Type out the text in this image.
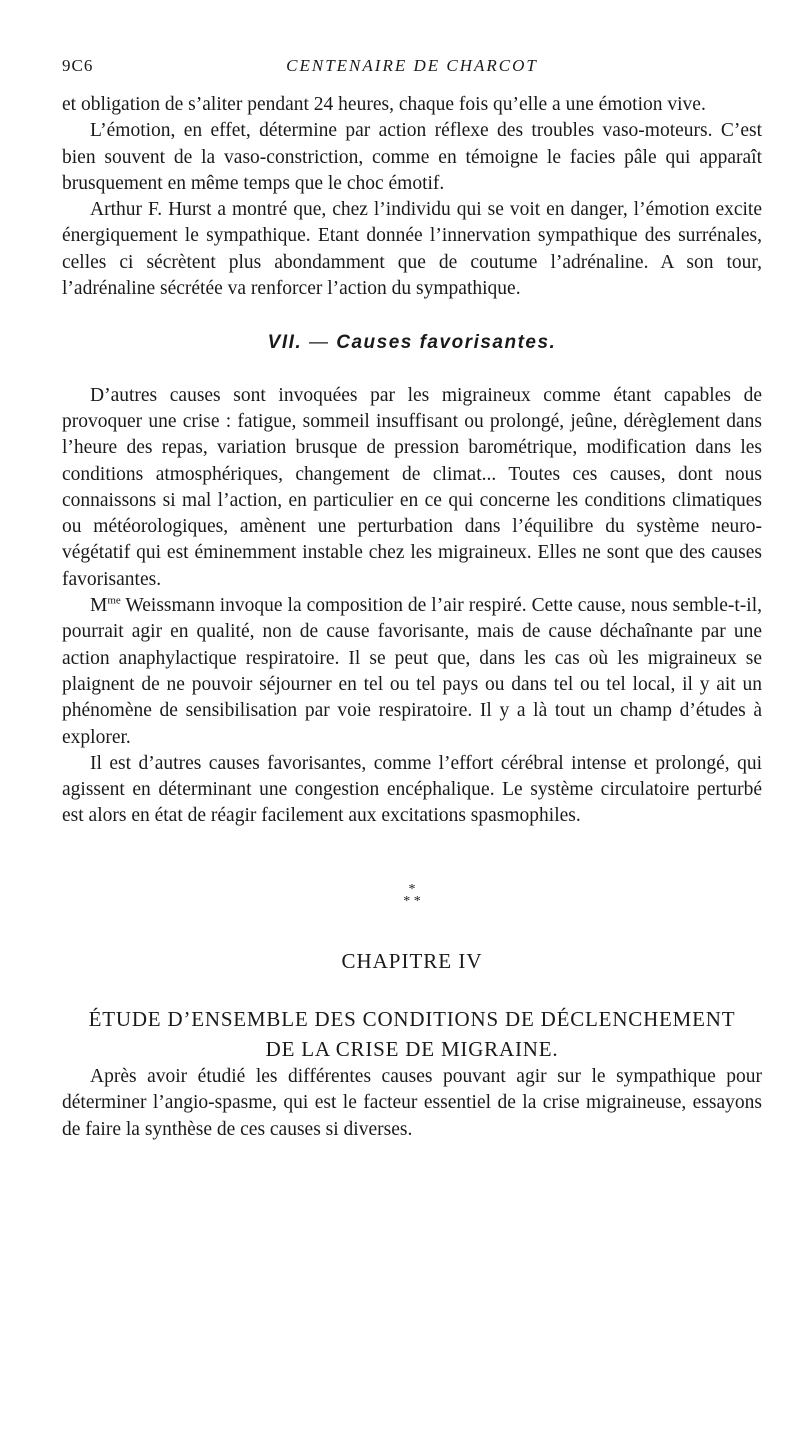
9C6	CENTENAIRE DE CHARCOT

et obligation de s’aliter pendant 24 heures, chaque fois qu’elle a une émotion vive.

L’émotion, en effet, détermine par action réflexe des troubles vaso-moteurs. C’est bien souvent de la vaso-constriction, comme en témoigne le facies pâle qui apparaît brusquement en même temps que le choc émotif.

Arthur F. Hurst a montré que, chez l’individu qui se voit en danger, l’émotion excite énergiquement le sympathique. Etant donnée l’innervation sympathique des surrénales, celles ci sécrètent plus abondamment que de coutume l’adrénaline. A son tour, l’adrénaline sécrétée va renforcer l’action du sympathique.

VII. — Causes favorisantes.

D’autres causes sont invoquées par les migraineux comme étant capables de provoquer une crise : fatigue, sommeil insuffisant ou prolongé, jeûne, dérèglement dans l’heure des repas, variation brusque de pression barométrique, modification dans les conditions atmosphériques, changement de climat... Toutes ces causes, dont nous connaissons si mal l’action, en particulier en ce qui concerne les conditions climatiques ou météorologiques, amènent une perturbation dans l’équilibre du système neuro-végétatif qui est éminemment instable chez les migraineux. Elles ne sont que des causes favorisantes.

$M^{me}$ Weissmann invoque la composition de l’air respiré. Cette cause, nous semble-t-il, pourrait agir en qualité, non de cause favorisante, mais de cause déchaînante par une action anaphylactique respiratoire. Il se peut que, dans les cas où les migraineux se plaignent de ne pouvoir séjourner en tel ou tel pays ou dans tel ou tel local, il y ait un phénomène de sensibilisation par voie respiratoire. Il y a là tout un champ d’études à explorer.

Il est d’autres causes favorisantes, comme l’effort cérébral intense et prolongé, qui agissent en déterminant une congestion encéphalique. Le système circulatoire perturbé est alors en état de réagir facilement aux excitations spasmophiles.

*
* *
CHAPITRE IV
ÉTUDE D’ENSEMBLE DES CONDITIONS DE DÉCLENCHEMENT
DE LA CRISE DE MIGRAINE.

Après avoir étudié les différentes causes pouvant agir sur le sympathique pour déterminer l’angio-spasme, qui est le facteur essentiel de la crise migraineuse, essayons de faire la synthèse de ces causes si diverses.
